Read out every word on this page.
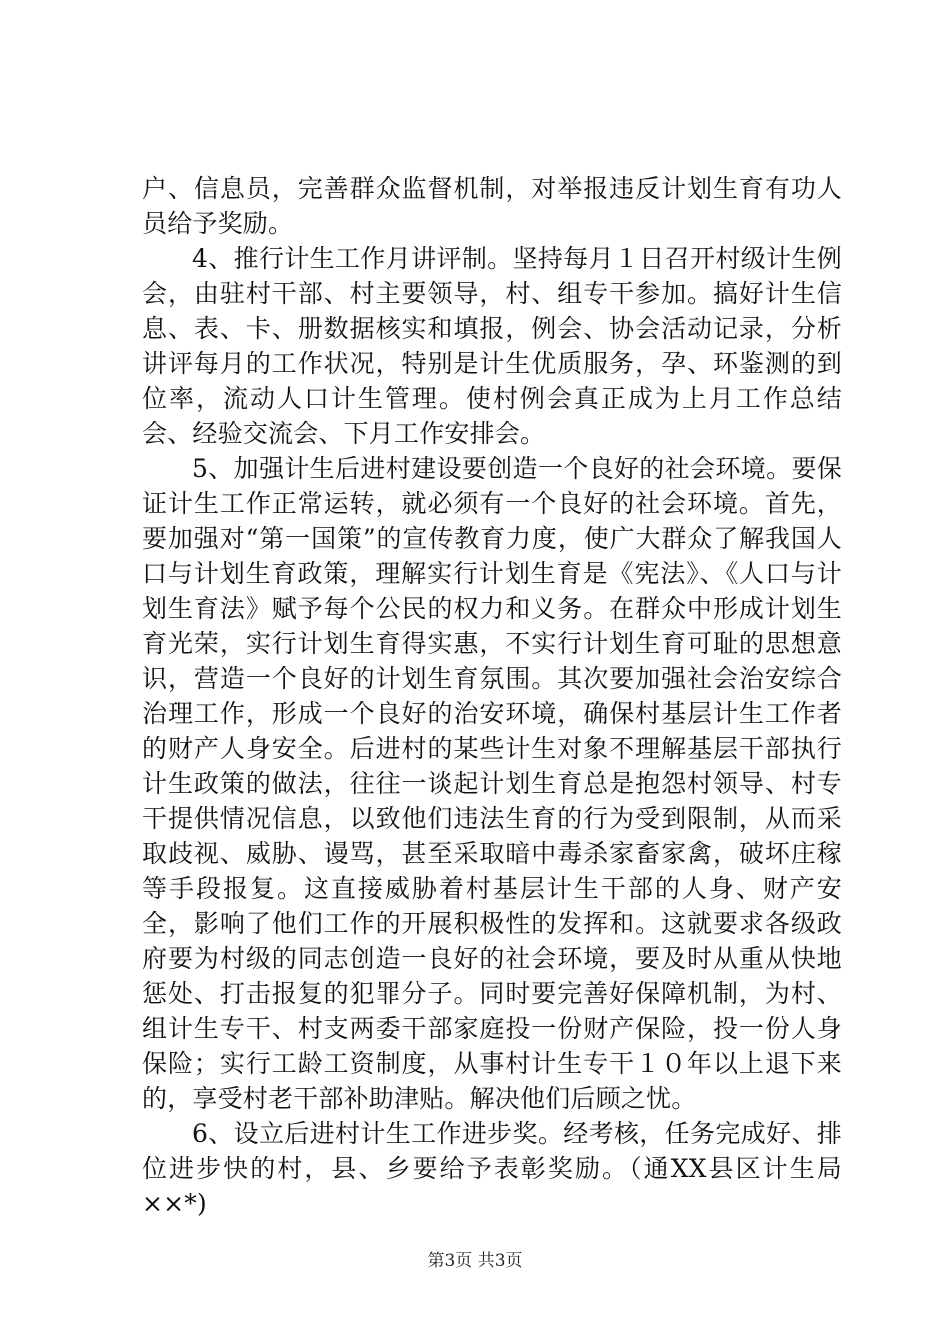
户、信息员，完善群众监督机制，对举报违反计划生育有功人员给予奖励。

4、推行计生工作月讲评制。坚持每月１日召开村级计生例会，由驻村干部、村主要领导，村、组专干参加。搞好计生信息、表、卡、册数据核实和填报，例会、协会活动记录，分析讲评每月的工作状况，特别是计生优质服务，孕、环鉴测的到位率，流动人口计生管理。使村例会真正成为上月工作总结会、经验交流会、下月工作安排会。

5、加强计生后进村建设要创造一个良好的社会环境。要保证计生工作正常运转，就必须有一个良好的社会环境。首先，要加强对“第一国策”的宣传教育力度，使广大群众了解我国人口与计划生育政策，理解实行计划生育是《宪法》、《人口与计划生育法》赋予每个公民的权力和义务。在群众中形成计划生育光荣，实行计划生育得实惠，不实行计划生育可耻的思想意识，营造一个良好的计划生育氛围。其次要加强社会治安综合治理工作，形成一个良好的治安环境，确保村基层计生工作者的财产人身安全。后进村的某些计生对象不理解基层干部执行计生政策的做法，往往一谈起计划生育总是抱怨村领导、村专干提供情况信息，以致他们违法生育的行为受到限制，从而采取歧视、威胁、谩骂，甚至采取暗中毒杀家畜家禽，破坏庄稼等手段报复。这直接威胁着村基层计生干部的人身、财产安全，影响了他们工作的开展积极性的发挥和。这就要求各级政府要为村级的同志创造一良好的社会环境，要及时从重从快地惩处、打击报复的犯罪分子。同时要完善好保障机制，为村、组计生专干、村支两委干部家庭投一份财产保险，投一份人身保险；实行工龄工资制度，从事村计生专干１０年以上退下来的，享受村老干部补助津贴。解决他们后顾之忧。

6、设立后进村计生工作进步奖。经考核，任务完成好、排位进步快的村，县、乡要给予表彰奖励。（通XX县区计生局××*)

第3页 共3页
